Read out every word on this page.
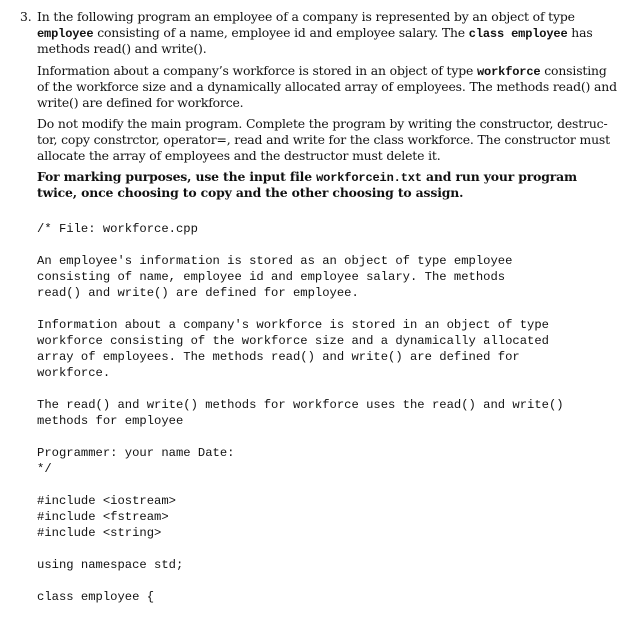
3. In the following program an employee of a company is represented by an object of type
employee consisting of a name, employee id and employee salary. The class employee has
methods read() and write().
Information about a company’s workforce is stored in an object of type workforce consisting
of the workforce size and a dynamically allocated array of employees. The methods read() and
write() are defined for workforce.
Do not modify the main program. Complete the program by writing the constructor, destruc-
tor, copy constrctor, operator=, read and write for the class workforce. The constructor must
allocate the array of employees and the destructor must delete it.
For marking purposes, use the input file workforcein.txt and run your program
twice, once choosing to copy and the other choosing to assign.
/* File: workforce.cpp
An employee's information is stored as an object of type employee
consisting of name, employee id and employee salary. The methods
read() and write() are defined for employee.
Information about a company's workforce is stored in an object of type
workforce consisting of the workforce size and a dynamically allocated
array of employees. The methods read() and write() are defined for
workforce.
The read() and write() methods for workforce uses the read() and write()
methods for employee
Programmer: your name Date:
*/
#include <iostream>
#include <fstream>
#include <string>
using namespace std;
class employee {
